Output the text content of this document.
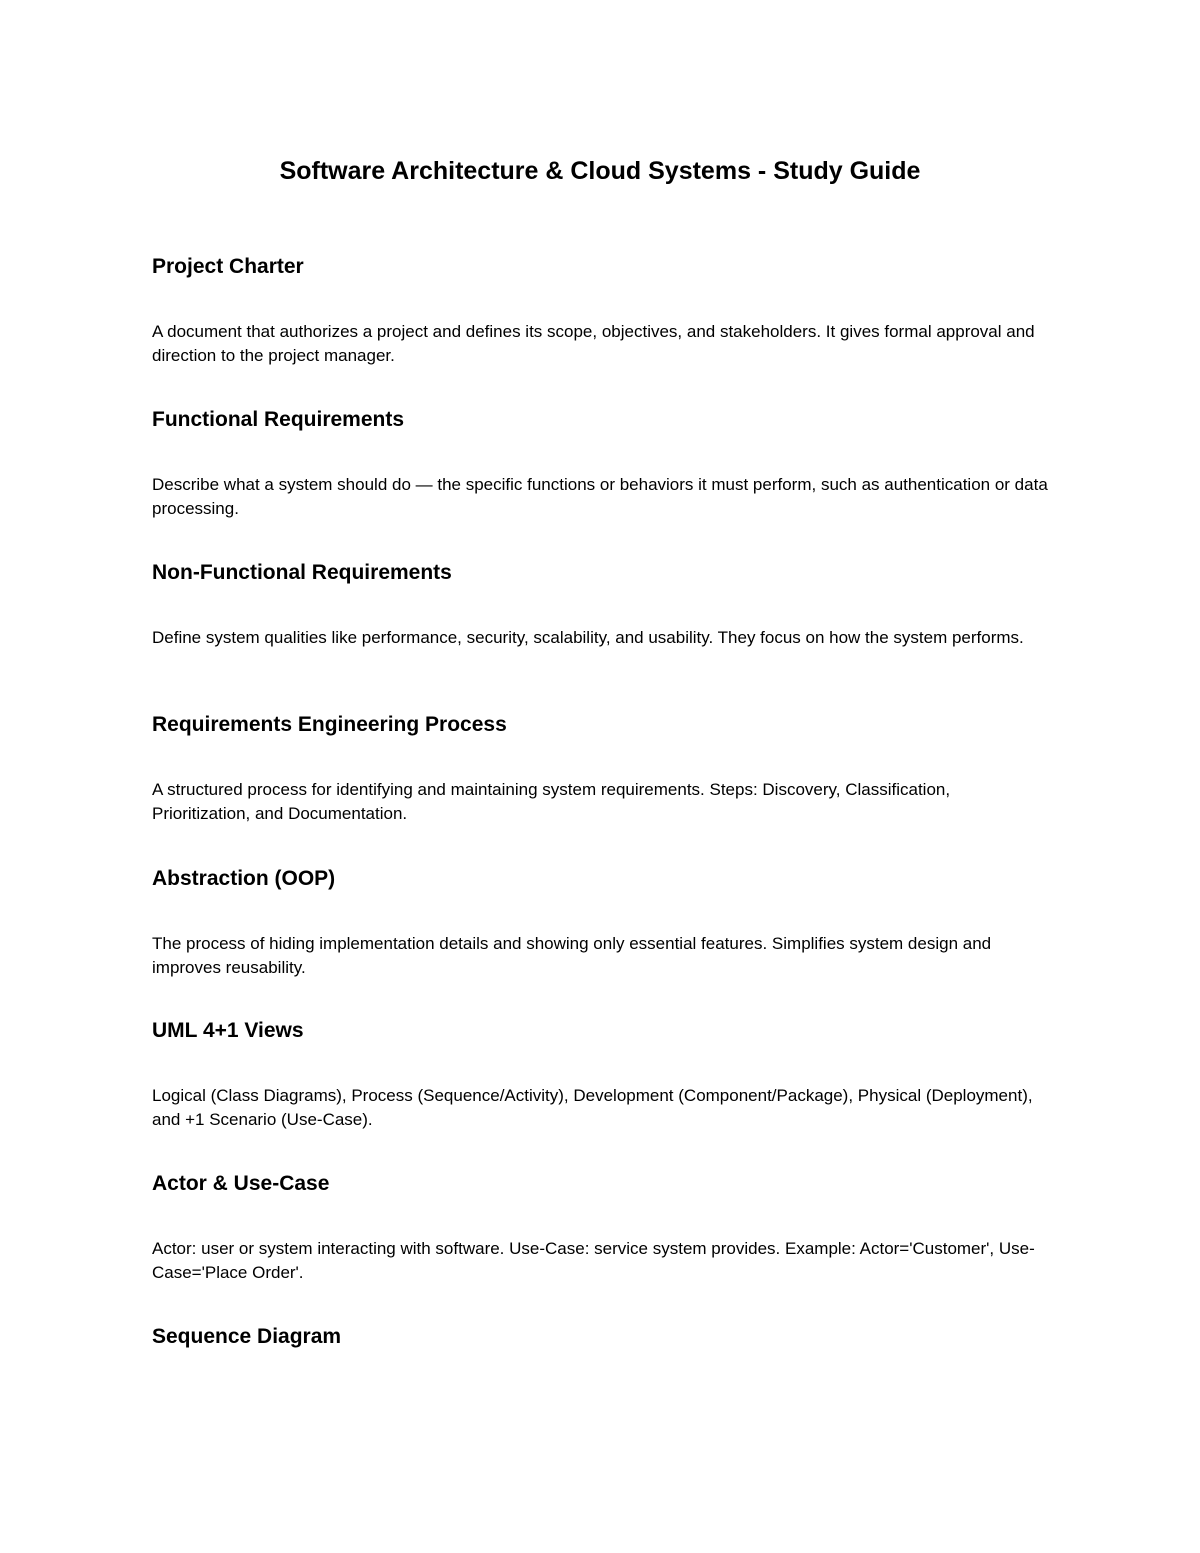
Software Architecture & Cloud Systems - Study Guide
Project Charter

A document that authorizes a project and defines its scope, objectives, and stakeholders. It gives formal approval and direction to the project manager.

Functional Requirements

Describe what a system should do — the specific functions or behaviors it must perform, such as authentication or data processing.

Non-Functional Requirements

Define system qualities like performance, security, scalability, and usability. They focus on how the system performs.

Requirements Engineering Process

A structured process for identifying and maintaining system requirements. Steps: Discovery, Classification, Prioritization, and Documentation.

Abstraction (OOP)

The process of hiding implementation details and showing only essential features. Simplifies system design and improves reusability.

UML 4+1 Views

Logical (Class Diagrams), Process (Sequence/Activity), Development (Component/Package), Physical (Deployment), and +1 Scenario (Use-Case).

Actor & Use-Case

Actor: user or system interacting with software. Use-Case: service system provides. Example: Actor='Customer', Use-Case='Place Order'.

Sequence Diagram
